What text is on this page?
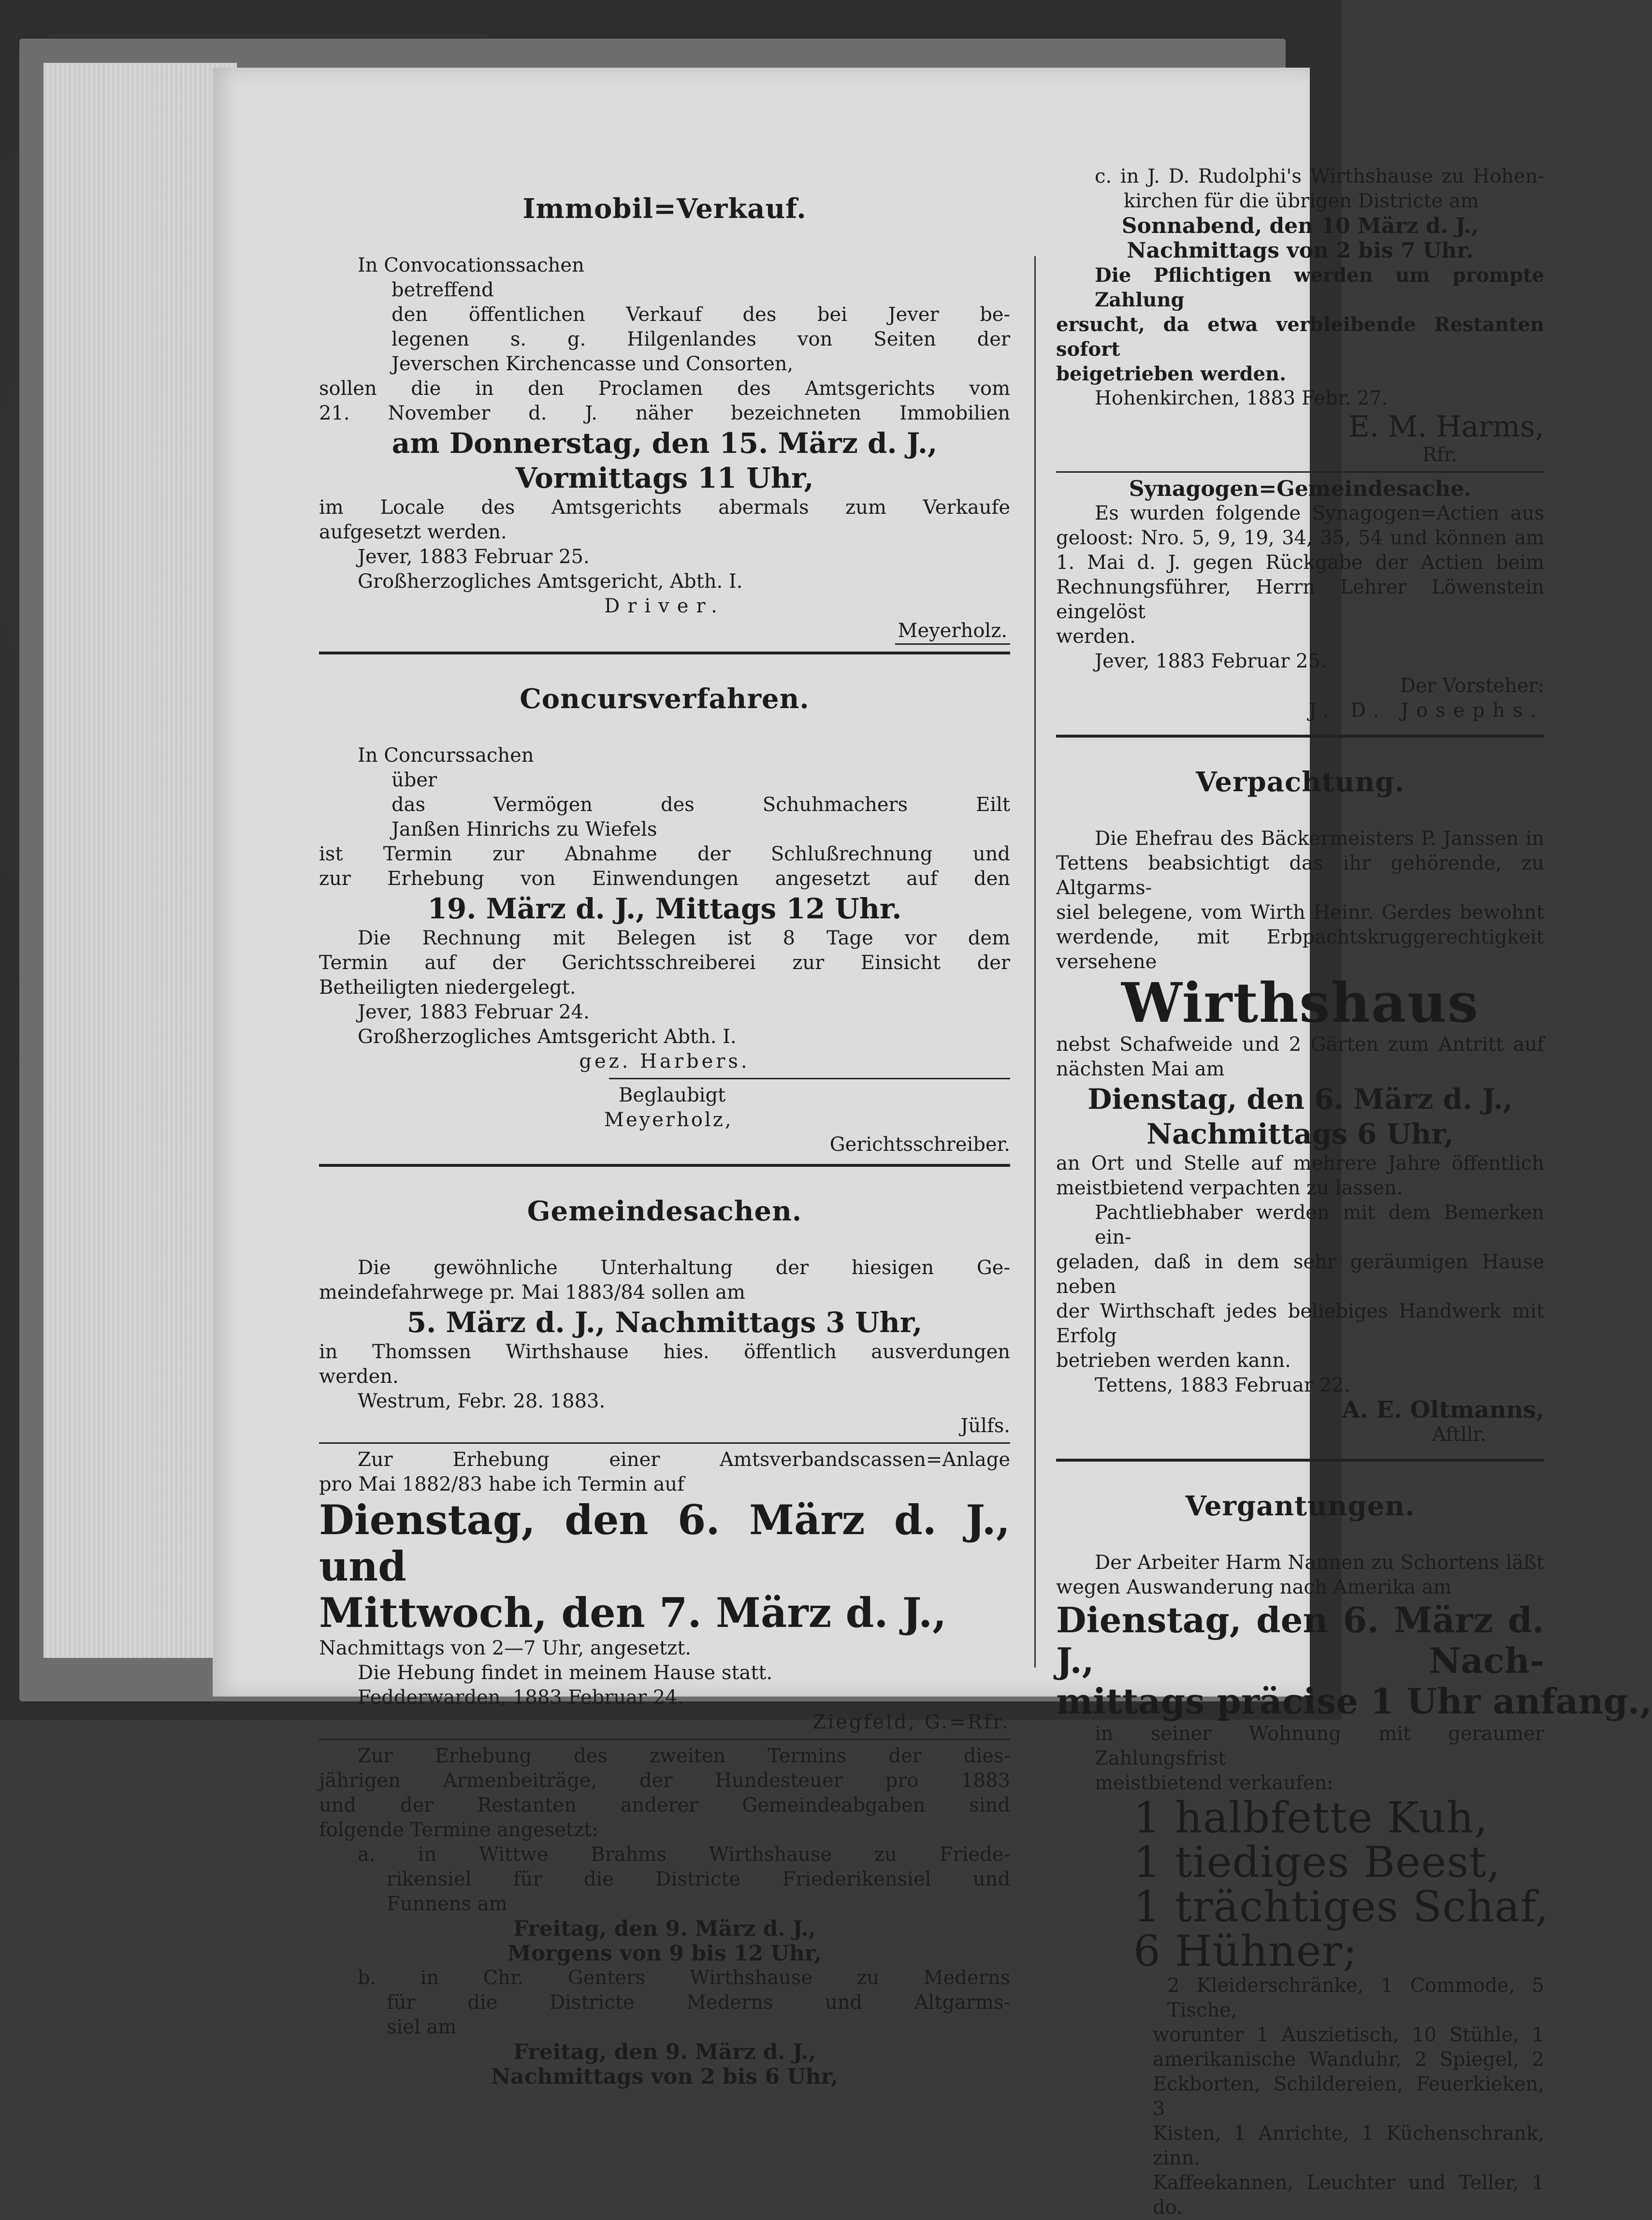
Immobil=Verkauf.

In Convocationssachen

betreffend

den öffentlichen Verkauf des bei Jever be-

legenen s. g. Hilgenlandes von Seiten der

Jeverschen Kirchencasse und Consorten,

sollen die in den Proclamen des Amtsgerichts vom

21. November d. J. näher bezeichneten Immobilien

am Donnerstag, den 15. März d. J.,

Vormittags 11 Uhr,

im Locale des Amtsgerichts abermals zum Verkaufe

aufgesetzt werden.

Jever, 1883 Februar 25.

Großherzogliches Amtsgericht, Abth. I.

Driver.

Meyerholz.

Concursverfahren.

In Concurssachen

über

das Vermögen des Schuhmachers Eilt

Janßen Hinrichs zu Wiefels

ist Termin zur Abnahme der Schlußrechnung und

zur Erhebung von Einwendungen angesetzt auf den

19. März d. J., Mittags 12 Uhr.

Die Rechnung mit Belegen ist 8 Tage vor dem

Termin auf der Gerichtsschreiberei zur Einsicht der

Betheiligten niedergelegt.

Jever, 1883 Februar 24.

Großherzogliches Amtsgericht Abth. I.

gez. Harbers.

Beglaubigt

Meyerholz,

Gerichtsschreiber.

Gemeindesachen.

Die gewöhnliche Unterhaltung der hiesigen Ge-

meindefahrwege pr. Mai 1883/84 sollen am

5. März d. J., Nachmittags 3 Uhr,

in Thomssen Wirthshause hies. öffentlich ausverdungen

werden.

Westrum, Febr. 28. 1883.

Jülfs.

Zur Erhebung einer Amtsverbandscassen=Anlage

pro Mai 1882/83 habe ich Termin auf

Dienstag, den 6. März d. J., und

Mittwoch, den 7. März d. J.,

Nachmittags von 2—7 Uhr, angesetzt.

Die Hebung findet in meinem Hause statt.

Fedderwarden, 1883 Februar 24.

Ziegfeld, G.=Rfr.

Zur Erhebung des zweiten Termins der dies-

jährigen Armenbeiträge, der Hundesteuer pro 1883

und der Restanten anderer Gemeindeabgaben sind

folgende Termine angesetzt:

a. in Wittwe Brahms Wirthshause zu Friede-

rikensiel für die Districte Friederikensiel und

Funnens am

Freitag, den 9. März d. J.,

Morgens von 9 bis 12 Uhr,

b. in Chr. Genters Wirthshause zu Mederns

für die Districte Mederns und Altgarms-

siel am

Freitag, den 9. März d. J.,

Nachmittags von 2 bis 6 Uhr,

c. in J. D. Rudolphi's Wirthshause zu Hohen-

kirchen für die übrigen Districte am

Sonnabend, den 10 März d. J.,

Nachmittags von 2 bis 7 Uhr.

Die Pflichtigen werden um prompte Zahlung

ersucht, da etwa verbleibende Restanten sofort

beigetrieben werden.

Hohenkirchen, 1883 Febr. 27.

E. M. Harms,

Rfr.

Synagogen=Gemeindesache.

Es wurden folgende Synagogen=Actien aus

geloost: Nro. 5, 9, 19, 34, 35, 54 und können am

1. Mai d. J. gegen Rückgabe der Actien beim

Rechnungsführer, Herrn Lehrer Löwenstein eingelöst

werden.

Jever, 1883 Februar 25.

Der Vorsteher:

J. D. Josephs.

Verpachtung.

Die Ehefrau des Bäckermeisters P. Janssen in

Tettens beabsichtigt das ihr gehörende, zu Altgarms-

siel belegene, vom Wirth Heinr. Gerdes bewohnt

werdende, mit Erbpachtskruggerechtigkeit versehene

Wirthshaus

nebst Schafweide und 2 Gärten zum Antritt auf

nächsten Mai am

Dienstag, den 6. März d. J.,

Nachmittags 6 Uhr,

an Ort und Stelle auf mehrere Jahre öffentlich

meistbietend verpachten zu lassen.

Pachtliebhaber werden mit dem Bemerken ein-

geladen, daß in dem sehr geräumigen Hause neben

der Wirthschaft jedes beliebiges Handwerk mit Erfolg

betrieben werden kann.

Tettens, 1883 Februar 22.

A. E. Oltmanns,

Aftllr.

Vergantungen.

Der Arbeiter Harm Nannen zu Schortens läßt

wegen Auswanderung nach Amerika am

Dienstag, den 6. März d. J., Nach-

mittags präcise 1 Uhr anfang.,

in seiner Wohnung mit geraumer Zahlungsfrist

meistbietend verkaufen:

1 halbfette Kuh,

1 tiediges Beest,

1 trächtiges Schaf,

6 Hühner;

2 Kleiderschränke, 1 Commode, 5 Tische,

worunter 1 Auszietisch, 10 Stühle, 1

amerikanische Wanduhr, 2 Spiegel, 2

Eckborten, Schildereien, Feuerkieken, 3

Kisten, 1 Anrichte, 1 Küchenschrank, zinn.

Kaffeekannen, Leuchter und Teller, 1 do.
